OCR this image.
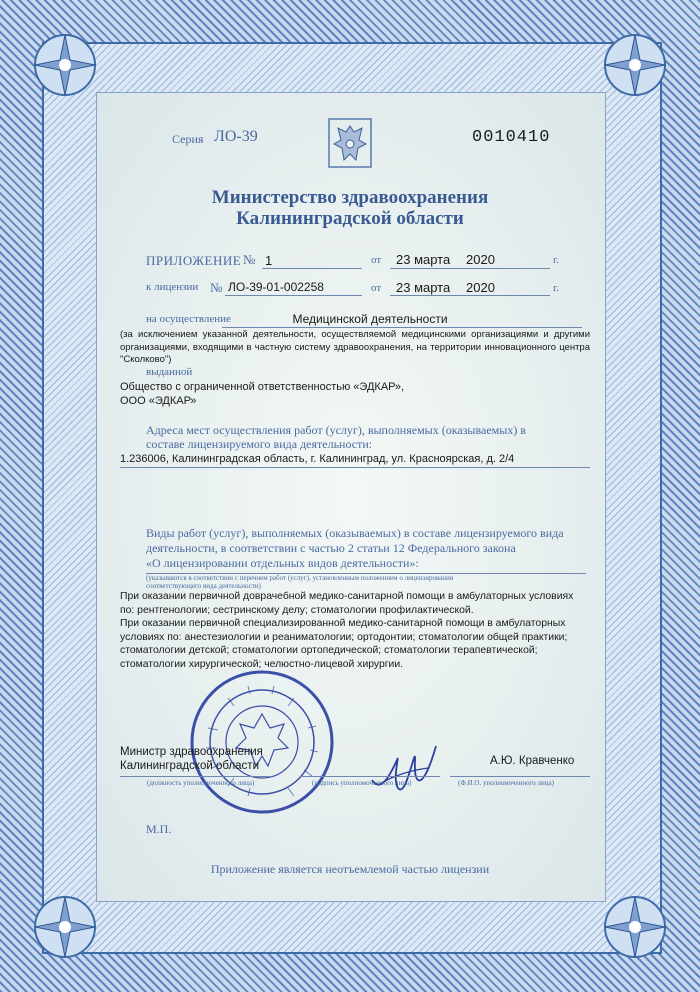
Серия ЛО-39	0010410
Министерство здравоохранения
Калининградской области
ПРИЛОЖЕНИЕ № 1	от 23 марта 2020	г.
к лицензии № ЛО-39-01-002258	от 23 марта 2020	г.
на осуществление	Медицинской деятельности
(за исключением указанной деятельности, осуществляемой медицинскими организациями и другими организациями, входящими в частную систему здравоохранения, на территории инновационного центра "Сколково")
выданной
Общество с ограниченной ответственностью «ЭДКАР»,
ООО «ЭДКАР»
Адреса мест осуществления работ (услуг), выполняемых (оказываемых) в
составе лицензируемого вида деятельности:
1.236006, Калининградская область, г. Калининград, ул. Красноярская, д. 2/4
Виды работ (услуг), выполняемых (оказываемых) в составе лицензируемого вида
деятельности, в соответствии с частью 2 статьи 12 Федерального закона
«О лицензировании отдельных видов деятельности»:
(указываются в соответствии с перечнем работ (услуг), установленным положением о лицензировании
соответствующего вида деятельности)
При оказании первичной доврачебной медико-санитарной помощи в амбулаторных условиях
по: рентгенологии; сестринскому делу; стоматологии профилактической.
При оказании первичной специализированной медико-санитарной помощи в амбулаторных
условиях по: анестезиологии и реаниматологии; ортодонтии; стоматологии общей практики;
стоматологии детской; стоматологии ортопедической; стоматологии терапевтической;
стоматологии хирургической; челюстно-лицевой хирургии.
Министр здравоохранения
Калининградской области	А.Ю. Кравченко
(должность уполномоченного лица)	(подпись уполномоченного лица)	(Ф.И.О. уполномоченного лица)
М.П.
Приложение является неотъемлемой частью лицензии
